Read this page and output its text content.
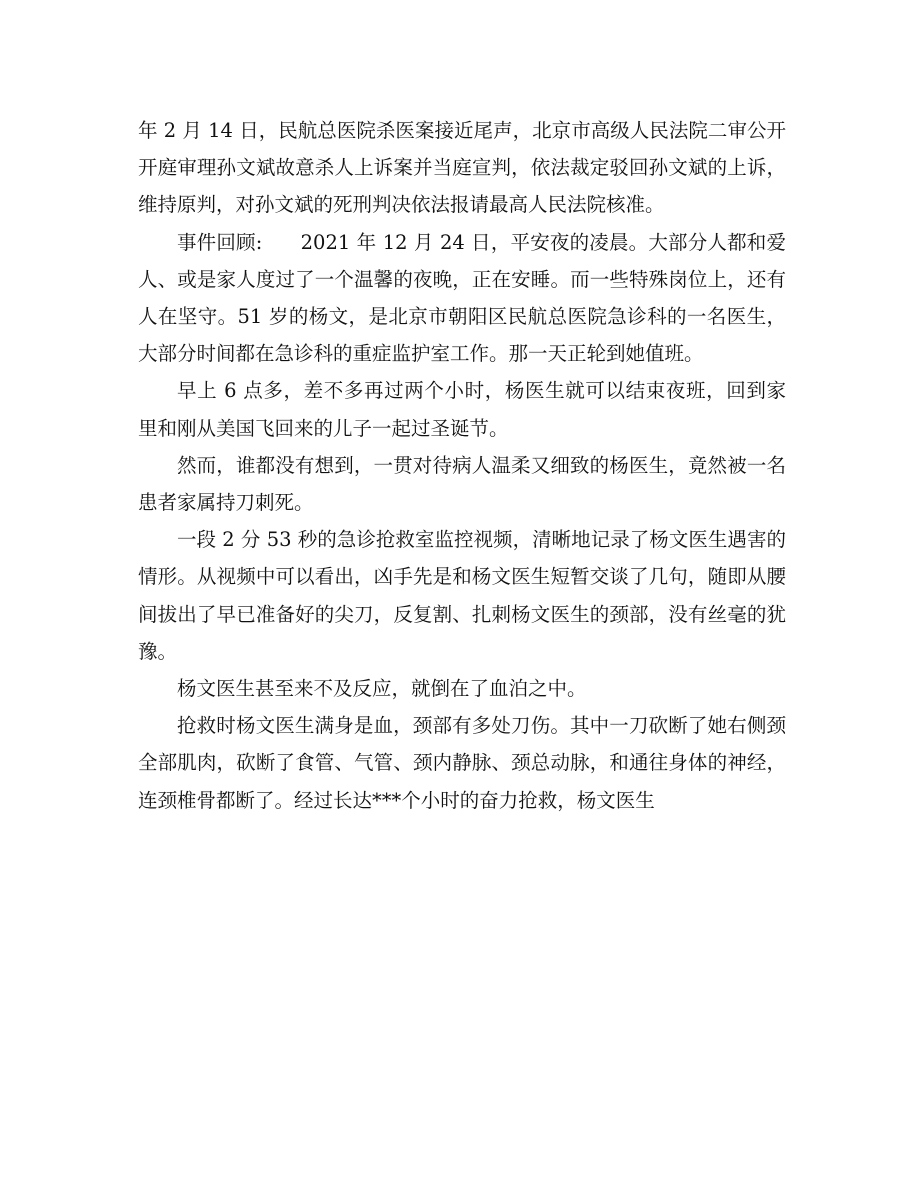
年 2 月 14 日，民航总医院杀医案接近尾声，北京市高级人民法院二审公开开庭审理孙文斌故意杀人上诉案并当庭宣判，依法裁定驳回孙文斌的上诉，维持原判，对孙文斌的死刑判决依法报请最高人民法院核准。

事件回顾:      2021 年 12 月 24 日，平安夜的凌晨。大部分人都和爱人、或是家人度过了一个温馨的夜晚，正在安睡。而一些特殊岗位上，还有人在坚守。51 岁的杨文，是北京市朝阳区民航总医院急诊科的一名医生，大部分时间都在急诊科的重症监护室工作。那一天正轮到她值班。

早上 6 点多，差不多再过两个小时，杨医生就可以结束夜班，回到家里和刚从美国飞回来的儿子一起过圣诞节。

然而，谁都没有想到，一贯对待病人温柔又细致的杨医生，竟然被一名患者家属持刀刺死。

一段 2 分 53 秒的急诊抢救室监控视频，清晰地记录了杨文医生遇害的情形。从视频中可以看出，凶手先是和杨文医生短暂交谈了几句，随即从腰间拔出了早已准备好的尖刀，反复割、扎刺杨文医生的颈部，没有丝毫的犹豫。

杨文医生甚至来不及反应，就倒在了血泊之中。

抢救时杨文医生满身是血，颈部有多处刀伤。其中一刀砍断了她右侧颈全部肌肉，砍断了食管、气管、颈内静脉、颈总动脉，和通往身体的神经，连颈椎骨都断了。经过长达***个小时的奋力抢救，杨文医生
